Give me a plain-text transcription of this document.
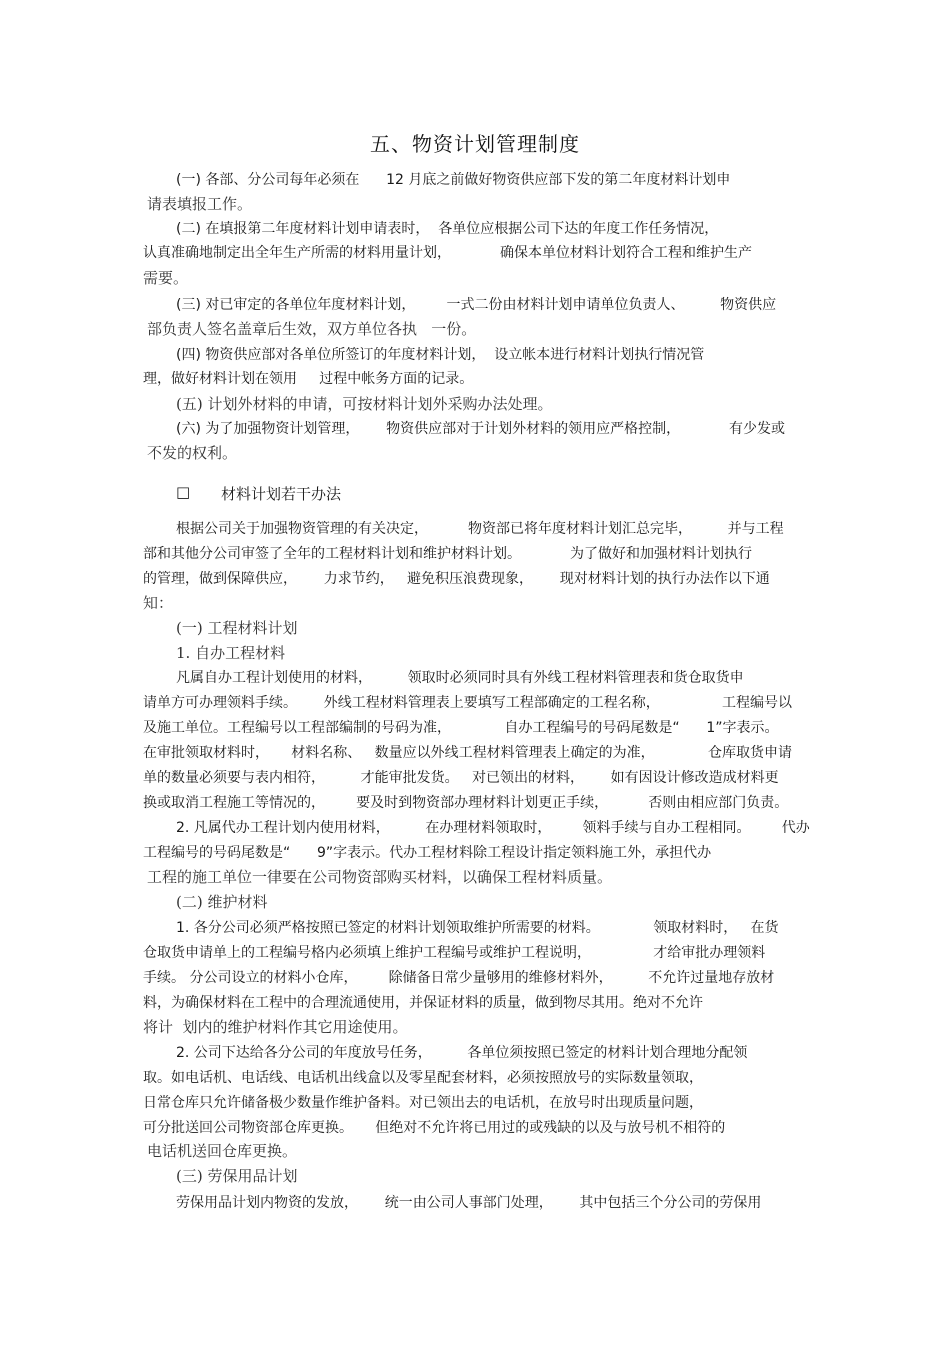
五、物资计划管理制度
(一) 各部、分公司每年必须在      12 月底之前做好物资供应部下发的第二年度材料计划申
请表填报工作。
(二) 在填报第二年度材料计划申请表时，  各单位应根据公司下达的年度工作任务情况，
认真准确地制定出全年生产所需的材料用量计划，           确保本单位材料计划符合工程和维护生产
需要。
(三) 对已审定的各单位年度材料计划，       一式二份由材料计划申请单位负责人、        物资供应
部负责人签名盖章后生效，双方单位各执   一份。
(四) 物资供应部对各单位所签订的年度材料计划，  设立帐本进行材料计划执行情况管
理，做好材料计划在领用     过程中帐务方面的记录。
(五) 计划外材料的申请，可按材料计划外采购办法处理。
(六) 为了加强物资计划管理，      物资供应部对于计划外材料的领用应严格控制，           有少发或
不发的权利。
□ 材料计划若干办法
根据公司关于加强物资管理的有关决定，         物资部已将年度材料计划汇总完毕，        并与工程
部和其他分公司审签了全年的工程材料计划和维护材料计划。           为了做好和加强材料计划执行
的管理，做到保障供应，      力求节约，   避免积压浪费现象，      现对材料计划的执行办法作以下通
知：
(一) 工程材料计划
1. 自办工程材料
凡属自办工程计划使用的材料，        领取时必须同时具有外线工程材料管理表和货仓取货申
请单方可办理领料手续。      外线工程材料管理表上要填写工程部确定的工程名称，              工程编号以
及施工单位。工程编号以工程部编制的号码为准，            自办工程编号的号码尾数是“      1”字表示。
在审批领取材料时，     材料名称、   数量应以外线工程材料管理表上确定的为准，            仓库取货申请
单的数量必须要与表内相符，        才能审批发货。   对已领出的材料，      如有因设计修改造成材料更
换或取消工程施工等情况的，       要及时到物资部办理材料计划更正手续，         否则由相应部门负责。
2. 凡属代办工程计划内使用材料，        在办理材料领取时，       领料手续与自办工程相同。       代办
工程编号的号码尾数是“      9”字表示。代办工程材料除工程设计指定领料施工外，承担代办
工程的施工单位一律要在公司物资部购买材料，以确保工程材料质量。
(二) 维护材料
1. 各分公司必须严格按照已签定的材料计划领取维护所需要的材料。            领取材料时，   在货
仓取货申请单上的工程编号格内必须填上维护工程编号或维护工程说明，              才给审批办理领料
手续。 分公司设立的材料小仓库，       除储备日常少量够用的维修材料外，        不允许过量地存放材
料，为确保材料在工程中的合理流通使用，并保证材料的质量，做到物尽其用。绝对不允许
将计  划内的维护材料作其它用途使用。
2. 公司下达给各分公司的年度放号任务，        各单位须按照已签定的材料计划合理地分配领
取。如电话机、电话线、电话机出线盒以及零星配套材料，必须按照放号的实际数量领取，
日常仓库只允许储备极少数量作维护备料。对已领出去的电话机，在放号时出现质量问题，
可分批送回公司物资部仓库更换。     但绝对不允许将已用过的或残缺的以及与放号机不相符的
电话机送回仓库更换。
(三) 劳保用品计划
劳保用品计划内物资的发放，      统一由公司人事部门处理，      其中包括三个分公司的劳保用
